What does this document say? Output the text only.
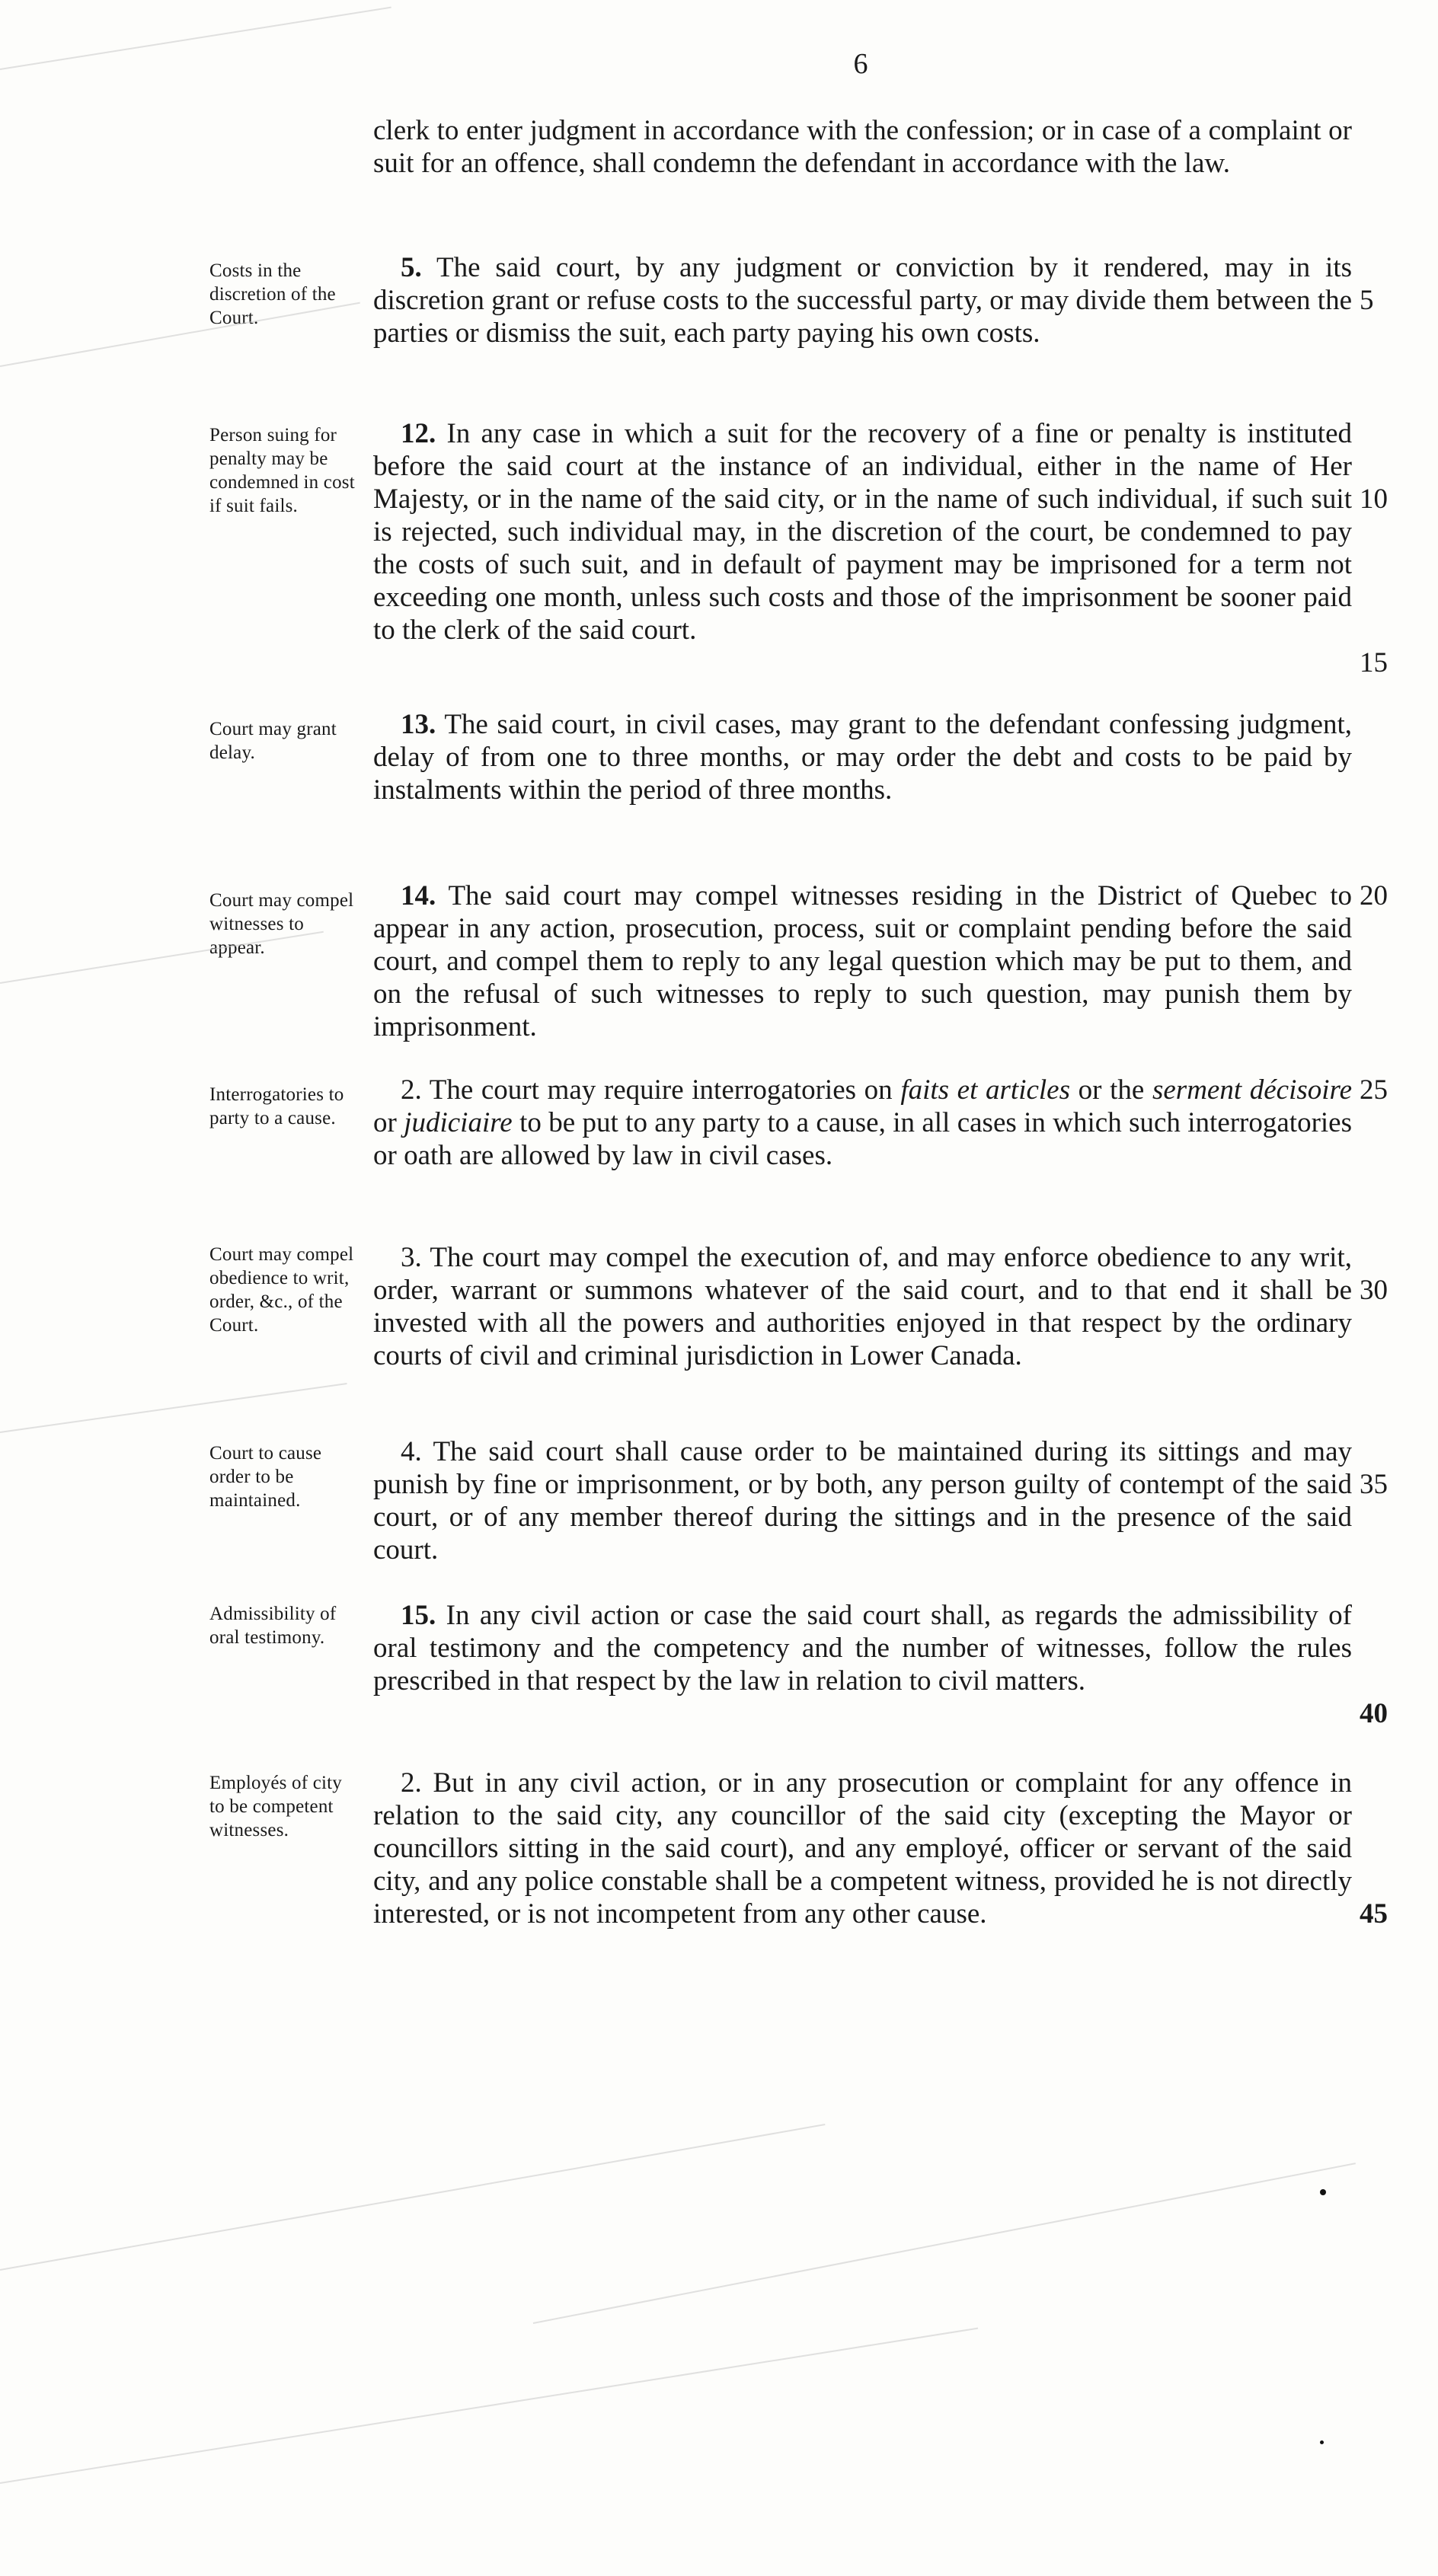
6
clerk to enter judgment in accordance with the confession; or in case of a complaint or suit for an offence, shall condemn the defendant in accordance with the law.
Costs in the discretion of the Court.
5. The said court, by any judgment or conviction by it rendered, may in its discretion grant or refuse costs to the successful party, or may divide them between the parties or dismiss the suit, each party paying his own costs.
5
Person suing for penalty may be condemned in cost if suit fails.
12. In any case in which a suit for the recovery of a fine or penalty is instituted before the said court at the instance of an individual, either in the name of Her Majesty, or in the name of the said city, or in the name of such individual, if such suit is rejected, such individual may, in the discretion of the court, be condemned to pay the costs of such suit, and in default of payment may be imprisoned for a term not exceeding one month, unless such costs and those of the imprisonment be sooner paid to the clerk of the said court.
10
15
Court may grant delay.
13. The said court, in civil cases, may grant to the defendant confessing judgment, delay of from one to three months, or may order the debt and costs to be paid by instalments within the period of three months.
Court may compel witnesses to appear.
14. The said court may compel witnesses residing in the District of Quebec to appear in any action, prosecution, process, suit or complaint pending before the said court, and compel them to reply to any legal question which may be put to them, and on the refusal of such witnesses to reply to such question, may punish them by imprisonment.
20
Interrogatories to party to a cause.
2. The court may require interrogatories on faits et articles or the serment décisoire or judiciaire to be put to any party to a cause, in all cases in which such interrogatories or oath are allowed by law in civil cases.
25
Court may compel obedience to writ, order, &c., of the Court.
3. The court may compel the execution of, and may enforce obedience to any writ, order, warrant or summons whatever of the said court, and to that end it shall be invested with all the powers and authorities enjoyed in that respect by the ordinary courts of civil and criminal jurisdiction in Lower Canada.
30
Court to cause order to be maintained.
4. The said court shall cause order to be maintained during its sittings and may punish by fine or imprisonment, or by both, any person guilty of contempt of the said court, or of any member thereof during the sittings and in the presence of the said court.
35
Admissibility of oral testimony.
15. In any civil action or case the said court shall, as regards the admissibility of oral testimony and the competency and the number of witnesses, follow the rules prescribed in that respect by the law in relation to civil matters.
40
Employés of city to be competent witnesses.
2. But in any civil action, or in any prosecution or complaint for any offence in relation to the said city, any councillor of the said city (excepting the Mayor or councillors sitting in the said court), and any employé, officer or servant of the said city, and any police constable shall be a competent witness, provided he is not directly interested, or is not incompetent from any other cause.	45
